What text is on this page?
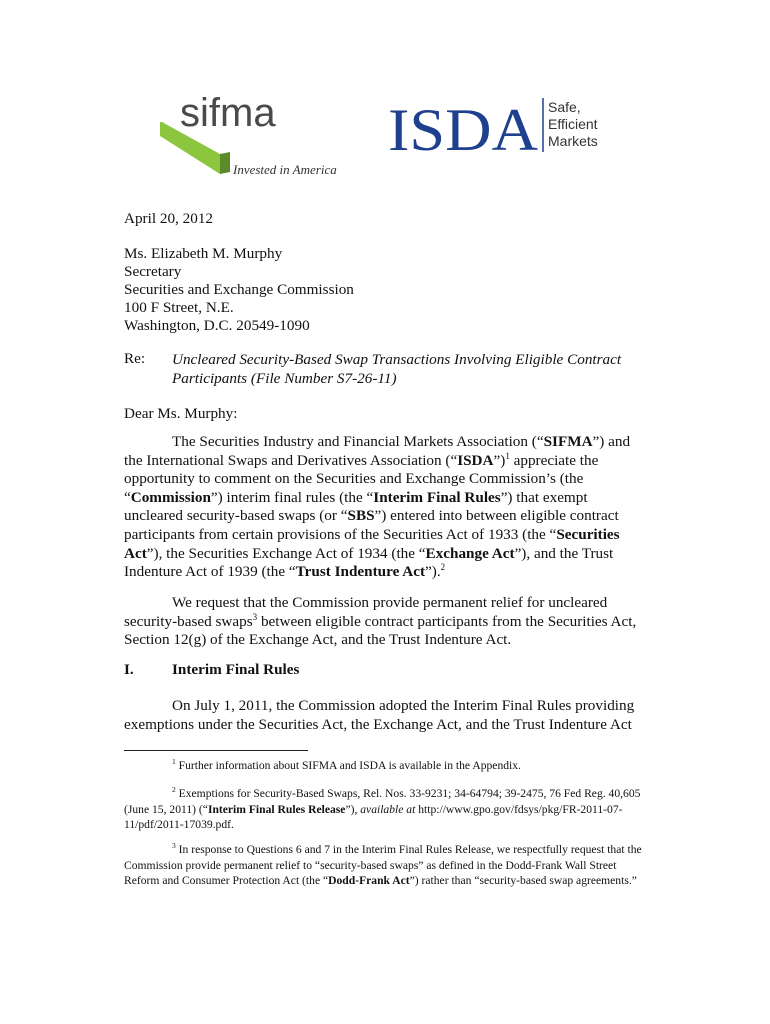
sifma
Invested in America
ISDA Safe,
Efficient
Markets
April 20, 2012
Ms. Elizabeth M. Murphy
Secretary
Securities and Exchange Commission
100 F Street, N.E.
Washington, D.C. 20549-1090
Re: Uncleared Security-Based Swap Transactions Involving Eligible Contract
Participants (File Number S7-26-11)
Dear Ms. Murphy:
The Securities Industry and Financial Markets Association (“SIFMA”) and the International Swaps and Derivatives Association (“ISDA”)$^1$ appreciate the opportunity to comment on the Securities and Exchange Commission’s (the “Commission”) interim final rules (the “Interim Final Rules”) that exempt uncleared security-based swaps (or “SBS”) entered into between eligible contract participants from certain provisions of the Securities Act of 1933 (the “Securities Act”), the Securities Exchange Act of 1934 (the “Exchange Act”), and the Trust Indenture Act of 1939 (the “Trust Indenture Act”).$^2$
We request that the Commission provide permanent relief for uncleared security-based swaps$^3$ between eligible contract participants from the Securities Act, Section 12(g) of the Exchange Act, and the Trust Indenture Act.
I.	Interim Final Rules
On July 1, 2011, the Commission adopted the Interim Final Rules providing exemptions under the Securities Act, the Exchange Act, and the Trust Indenture Act
$^1$ Further information about SIFMA and ISDA is available in the Appendix.
$^2$ Exemptions for Security-Based Swaps, Rel. Nos. 33-9231; 34-64794; 39-2475, 76 Fed Reg. 40,605 (June 15, 2011) (“Interim Final Rules Release”), available at http://www.gpo.gov/fdsys/pkg/FR-2011-07-11/pdf/2011-17039.pdf.
$^3$ In response to Questions 6 and 7 in the Interim Final Rules Release, we respectfully request that the Commission provide permanent relief to “security-based swaps” as defined in the Dodd-Frank Wall Street Reform and Consumer Protection Act (the “Dodd-Frank Act”) rather than “security-based swap agreements.”
